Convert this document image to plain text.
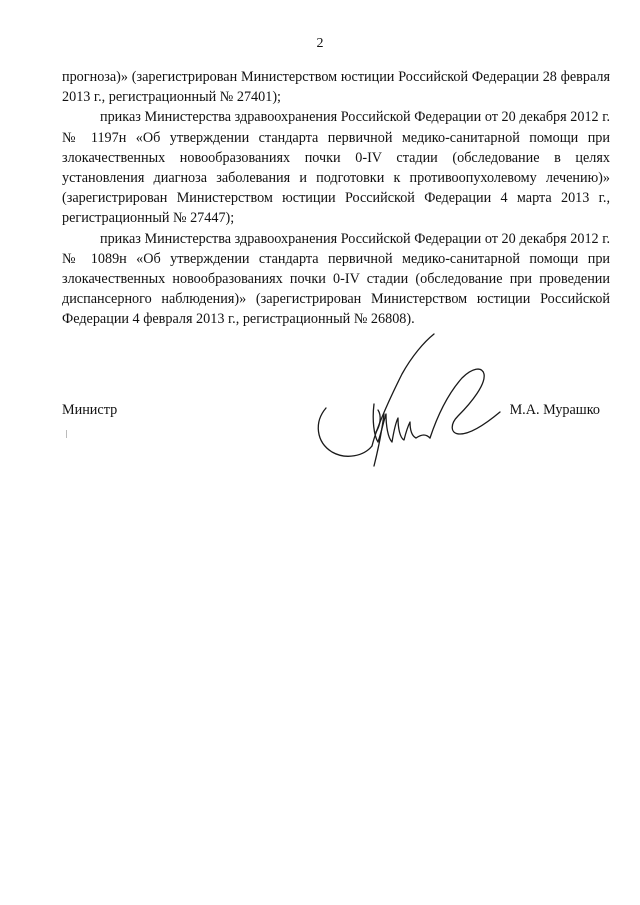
2

прогноза)» (зарегистрирован Министерством юстиции Российской Федерации 28 февраля 2013 г., регистрационный № 27401);

приказ Министерства здравоохранения Российской Федерации от 20 декабря 2012 г. № 1197н «Об утверждении стандарта первичной медико-санитарной помощи при злокачественных новообразованиях почки 0-IV стадии (обследование в целях установления диагноза заболевания и подготовки к противоопухолевому лечению)» (зарегистрирован Министерством юстиции Российской Федерации 4 марта 2013 г., регистрационный № 27447);

приказ Министерства здравоохранения Российской Федерации от 20 декабря 2012 г. № 1089н «Об утверждении стандарта первичной медико-санитарной помощи при злокачественных новообразованиях почки 0-IV стадии (обследование при проведении диспансерного наблюдения)» (зарегистрирован Министерством юстиции Российской Федерации 4 февраля 2013 г., регистрационный № 26808).

Министр	М.А. Мурашко
